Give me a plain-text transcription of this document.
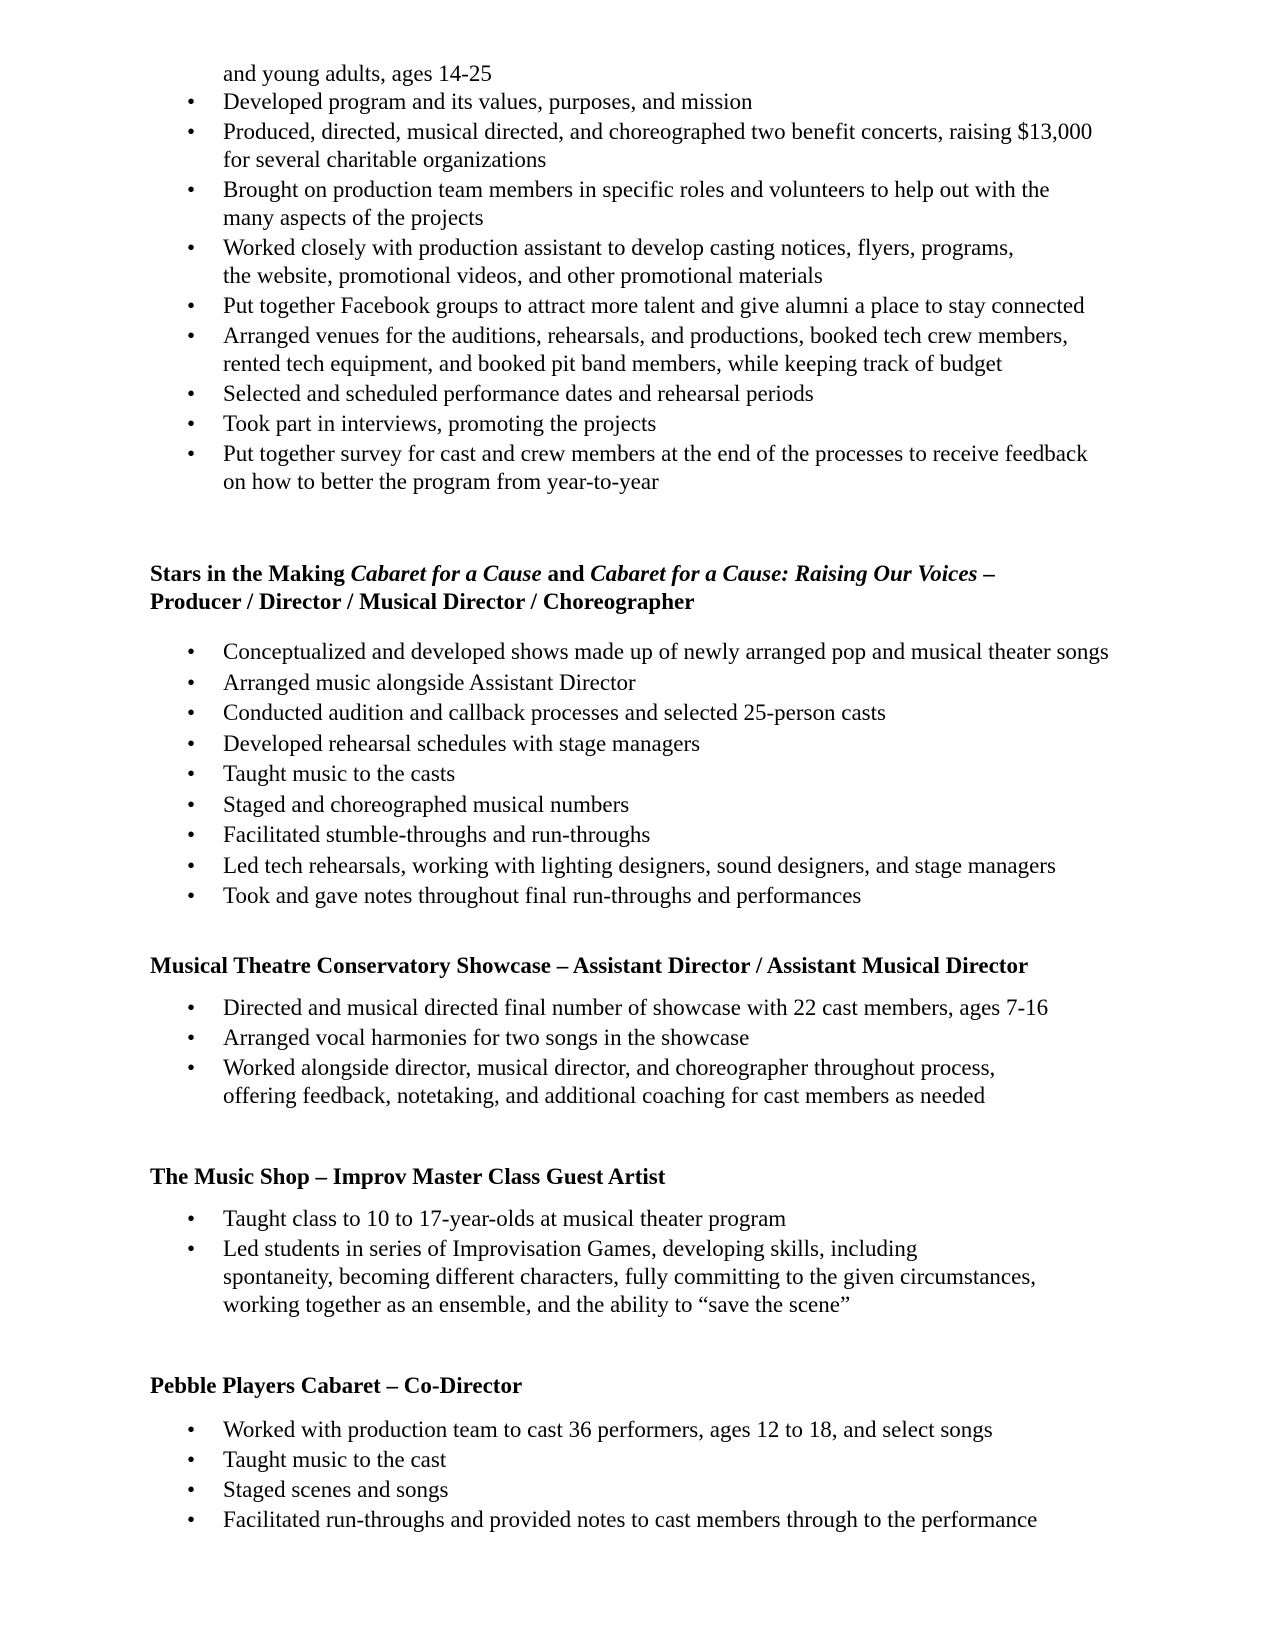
and young adults, ages 14-25
• Developed program and its values, purposes, and mission
• Produced, directed, musical directed, and choreographed two benefit concerts, raising $13,000
for several charitable organizations
• Brought on production team members in specific roles and volunteers to help out with the
many aspects of the projects
• Worked closely with production assistant to develop casting notices, flyers, programs,
the website, promotional videos, and other promotional materials
• Put together Facebook groups to attract more talent and give alumni a place to stay connected
• Arranged venues for the auditions, rehearsals, and productions, booked tech crew members,
rented tech equipment, and booked pit band members, while keeping track of budget
• Selected and scheduled performance dates and rehearsal periods
• Took part in interviews, promoting the projects
• Put together survey for cast and crew members at the end of the processes to receive feedback
on how to better the program from year-to-year
Stars in the Making Cabaret for a Cause and Cabaret for a Cause: Raising Our Voices –
Producer / Director / Musical Director / Choreographer
• Conceptualized and developed shows made up of newly arranged pop and musical theater songs
• Arranged music alongside Assistant Director
• Conducted audition and callback processes and selected 25-person casts
• Developed rehearsal schedules with stage managers
• Taught music to the casts
• Staged and choreographed musical numbers
• Facilitated stumble-throughs and run-throughs
• Led tech rehearsals, working with lighting designers, sound designers, and stage managers
• Took and gave notes throughout final run-throughs and performances
Musical Theatre Conservatory Showcase – Assistant Director / Assistant Musical Director
• Directed and musical directed final number of showcase with 22 cast members, ages 7-16
• Arranged vocal harmonies for two songs in the showcase
• Worked alongside director, musical director, and choreographer throughout process,
offering feedback, notetaking, and additional coaching for cast members as needed
The Music Shop – Improv Master Class Guest Artist
• Taught class to 10 to 17-year-olds at musical theater program
• Led students in series of Improvisation Games, developing skills, including
spontaneity, becoming different characters, fully committing to the given circumstances,
working together as an ensemble, and the ability to “save the scene”
Pebble Players Cabaret – Co-Director
• Worked with production team to cast 36 performers, ages 12 to 18, and select songs
• Taught music to the cast
• Staged scenes and songs
• Facilitated run-throughs and provided notes to cast members through to the performance
